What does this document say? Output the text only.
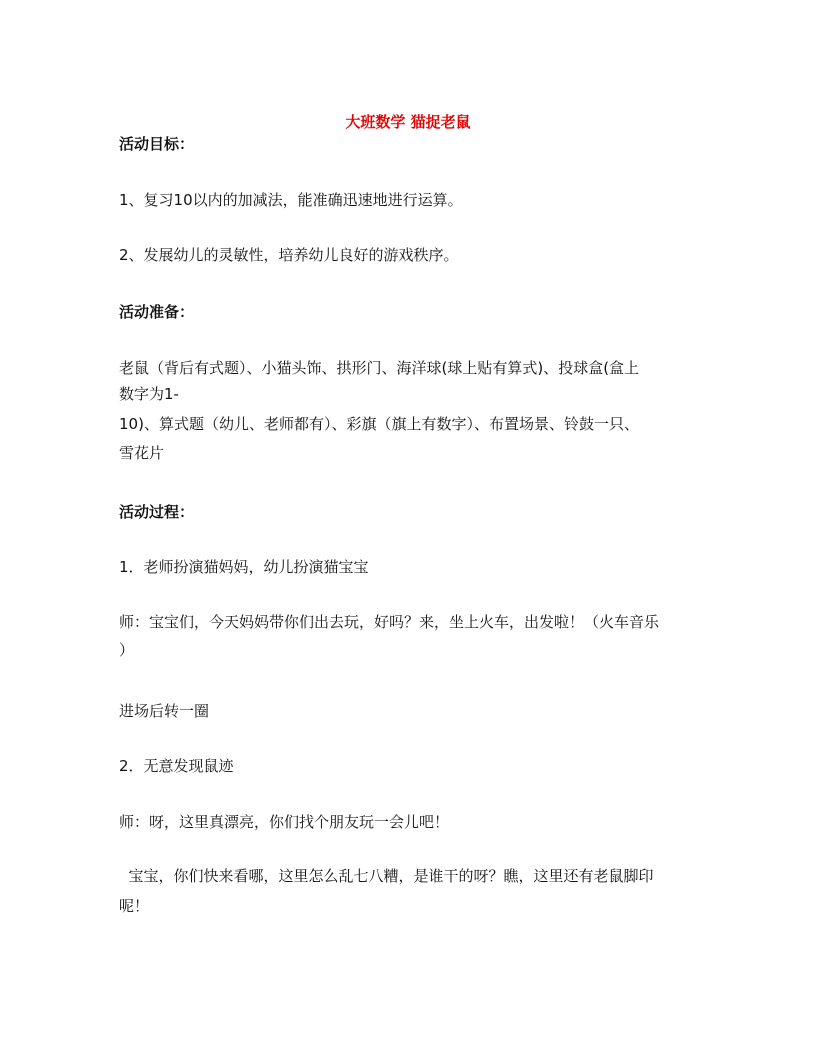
大班数学 猫捉老鼠
活动目标：
1、复习10以内的加减法，能准确迅速地进行运算。
2、发展幼儿的灵敏性，培养幼儿良好的游戏秩序。
活动准备：
老鼠（背后有式题）、小猫头饰、拱形门、海洋球(球上贴有算式)、投球盒(盒上
数字为1-
10)、算式题（幼儿、老师都有）、彩旗（旗上有数字）、布置场景、铃鼓一只、
雪花片
活动过程：
1．老师扮演猫妈妈，幼儿扮演猫宝宝
师：宝宝们，今天妈妈带你们出去玩，好吗？来，坐上火车，出发啦！（火车音乐
）
进场后转一圈
2．无意发现鼠迹
师：呀，这里真漂亮，你们找个朋友玩一会儿吧！
宝宝，你们快来看哪，这里怎么乱七八糟，是谁干的呀？瞧，这里还有老鼠脚印
呢！
